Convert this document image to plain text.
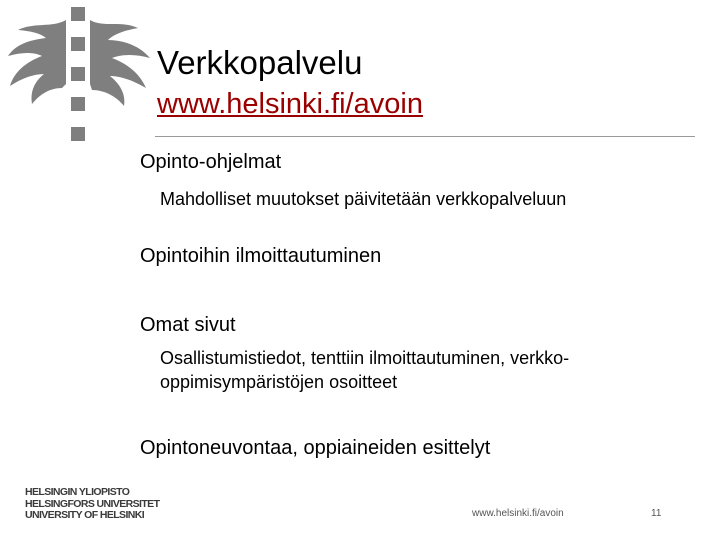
Verkkopalvelu
www.helsinki.fi/avoin
Opinto-ohjelmat
Mahdolliset muutokset päivitetään verkkopalveluun
Opintoihin ilmoittautuminen
Omat sivut
Osallistumistiedot, tenttiin ilmoittautuminen, verkko-
oppimisympäristöjen osoitteet
Opintoneuvontaa, oppiaineiden esittelyt
HELSINGIN YLIOPISTO
HELSINGFORS UNIVERSITET
UNIVERSITY OF HELSINKI	www.helsinki.fi/avoin	11
